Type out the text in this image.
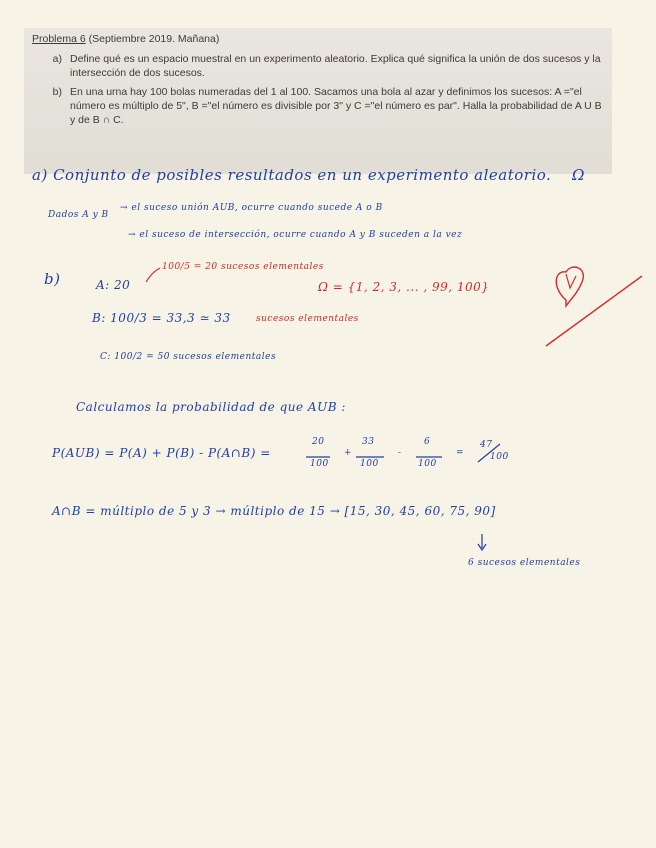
Problema 6 (Septiembre 2019. Mañana)

a) Define qué es un espacio muestral en un experimento aleatorio. Explica qué significa la unión de dos sucesos y la intersección de dos sucesos.
b) En una urna hay 100 bolas numeradas del 1 al 100. Sacamos una bola al azar y definimos los sucesos: A ="el número es múltiplo de 5", B ="el número es divisible por 3" y C ="el número es par". Halla la probabilidad de A U B y de B ∩ C.
a) Conjunto de posibles resultados en un experimento aleatorio. Ω
Dados A y B
→ el suceso unión AUB, ocurre cuando sucede A o B
→ el suceso de intersección, ocurre cuando A y B suceden a la vez
b)	A: 20
100/5 = 20 sucesos elementales
Ω = {1, 2, 3, ... , 99, 100}
B: 100/3 = 33,3 ≃ 33	sucesos elementales
C: 100/2 = 50 sucesos elementales
Calculamos la probabilidad de que AUB :
P(AUB) = P(A) + P(B) - P(A∩B) =
20
100
+
33
100
-
6
100
=
47
100
A∩B = múltiplo de 5 y 3 → múltiplo de 15 → [15, 30, 45, 60, 75, 90]
6 sucesos elementales
